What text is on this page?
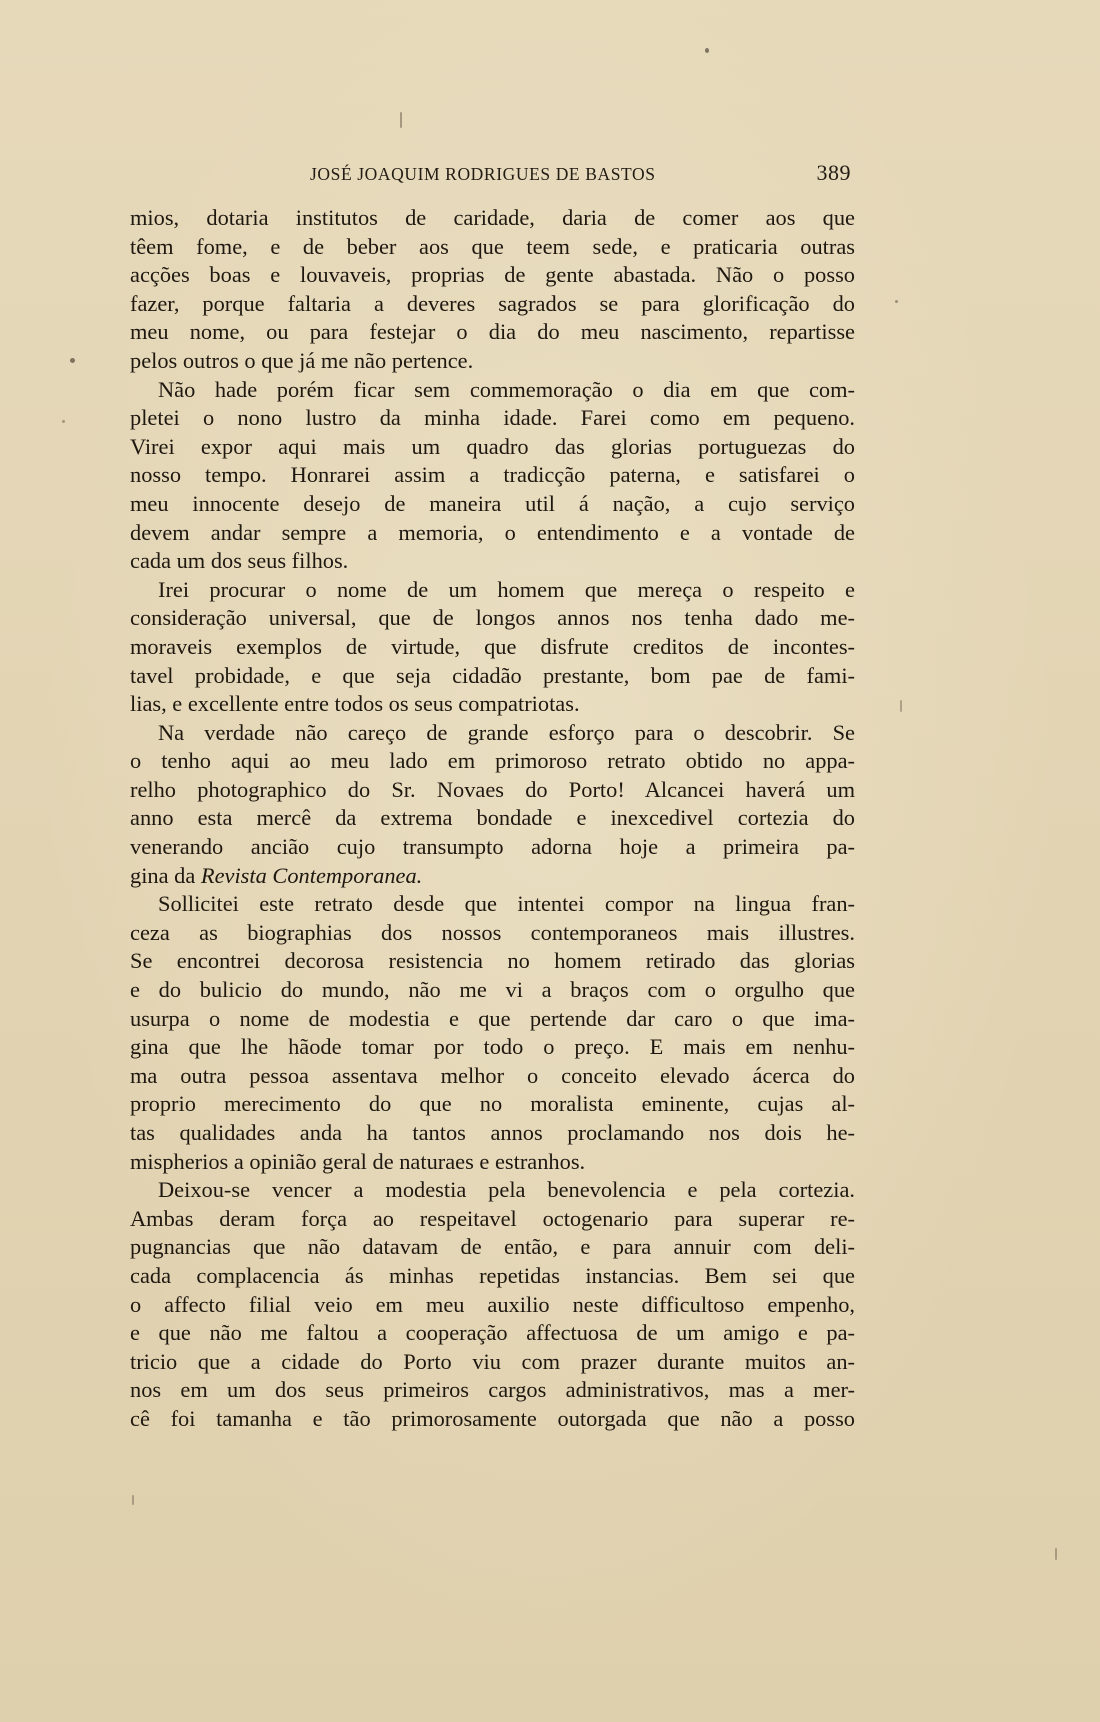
JOSÉ JOAQUIM RODRIGUES DE BASTOS	389
mios, dotaria institutos de caridade, daria de comer aos que
têem fome, e de beber aos que teem sede, e praticaria outras
acções boas e louvaveis, proprias de gente abastada. Não o posso
fazer, porque faltaria a deveres sagrados se para glorificação do
meu nome, ou para festejar o dia do meu nascimento, repartisse
pelos outros o que já me não pertence.
Não hade porém ficar sem commemoração o dia em que com-
pletei o nono lustro da minha idade. Farei como em pequeno.
Virei expor aqui mais um quadro das glorias portuguezas do
nosso tempo. Honrarei assim a tradicção paterna, e satisfarei o
meu innocente desejo de maneira util á nação, a cujo serviço
devem andar sempre a memoria, o entendimento e a vontade de
cada um dos seus filhos.
Irei procurar o nome de um homem que mereça o respeito e
consideração universal, que de longos annos nos tenha dado me-
moraveis exemplos de virtude, que disfrute creditos de incontes-
tavel probidade, e que seja cidadão prestante, bom pae de fami-
lias, e excellente entre todos os seus compatriotas.
Na verdade não careço de grande esforço para o descobrir. Se
o tenho aqui ao meu lado em primoroso retrato obtido no appa-
relho photographico do Sr. Novaes do Porto! Alcancei haverá um
anno esta mercê da extrema bondade e inexcedivel cortezia do
venerando ancião cujo transumpto adorna hoje a primeira pa-
gina da Revista Contemporanea.
Sollicitei este retrato desde que intentei compor na lingua fran-
ceza as biographias dos nossos contemporaneos mais illustres.
Se encontrei decorosa resistencia no homem retirado das glorias
e do bulicio do mundo, não me vi a braços com o orgulho que
usurpa o nome de modestia e que pertende dar caro o que ima-
gina que lhe hãode tomar por todo o preço. E mais em nenhu-
ma outra pessoa assentava melhor o conceito elevado ácerca do
proprio merecimento do que no moralista eminente, cujas al-
tas qualidades anda ha tantos annos proclamando nos dois he-
mispherios a opinião geral de naturaes e estranhos.
Deixou-se vencer a modestia pela benevolencia e pela cortezia.
Ambas deram força ao respeitavel octogenario para superar re-
pugnancias que não datavam de então, e para annuir com deli-
cada complacencia ás minhas repetidas instancias. Bem sei que
o affecto filial veio em meu auxilio neste difficultoso empenho,
e que não me faltou a cooperação affectuosa de um amigo e pa-
tricio que a cidade do Porto viu com prazer durante muitos an-
nos em um dos seus primeiros cargos administrativos, mas a mer-
cê foi tamanha e tão primorosamente outorgada que não a posso
